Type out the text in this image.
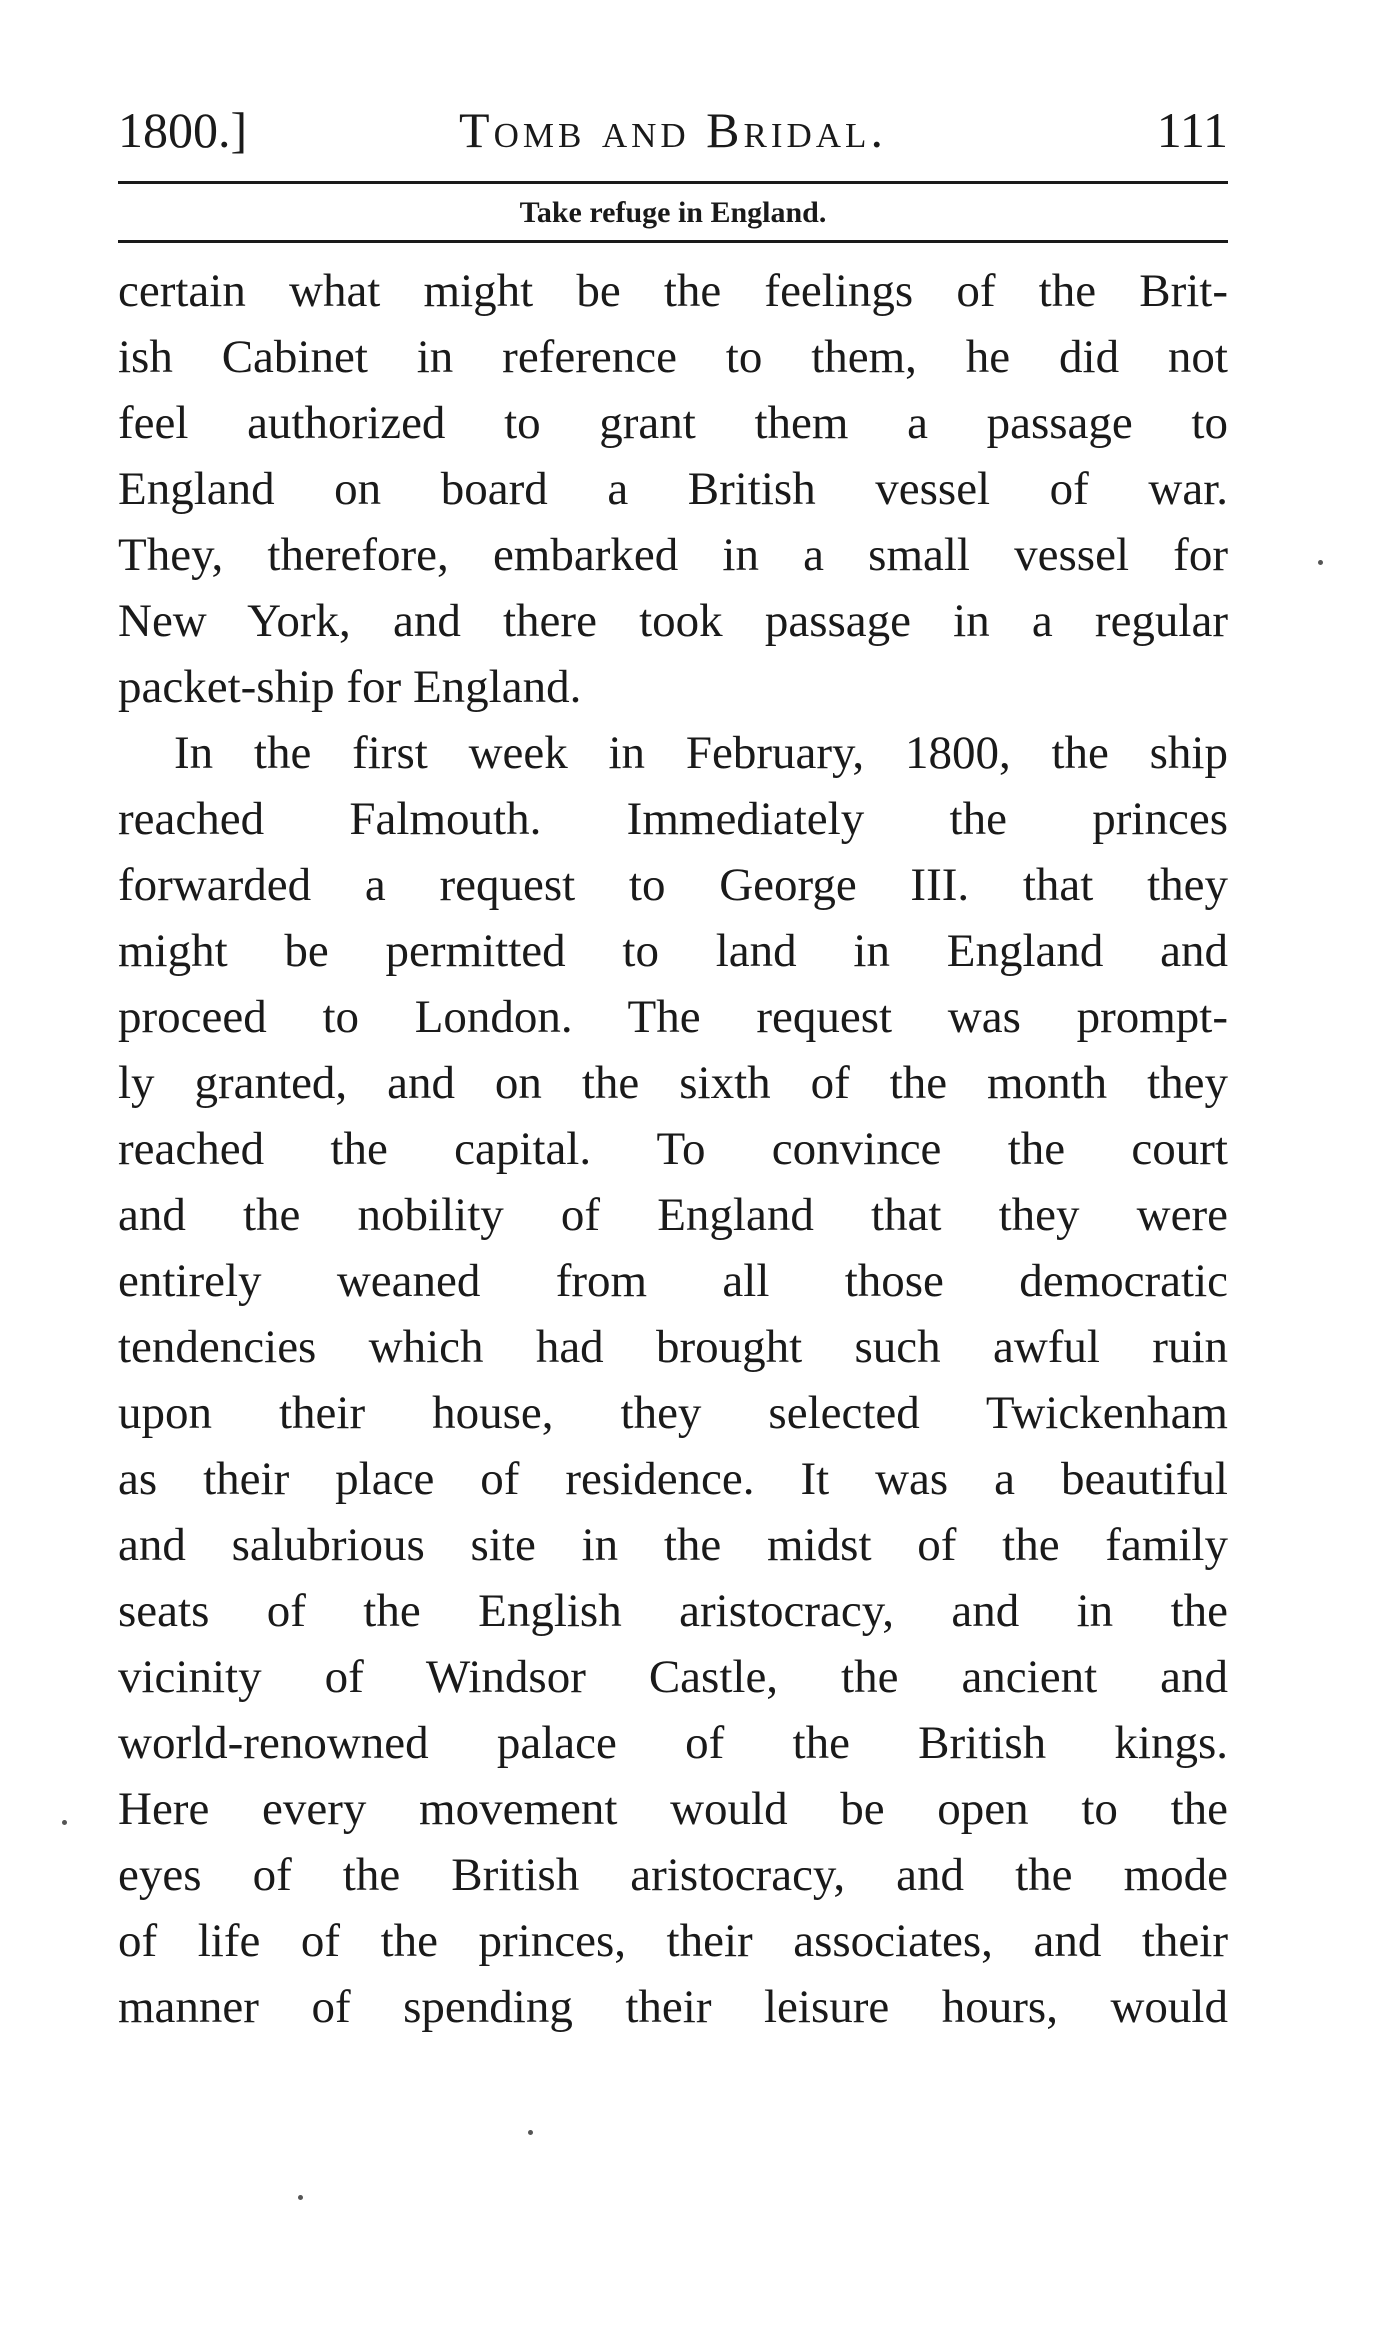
1800.]	Tomb and Bridal.	111
Take refuge in England.
certain what might be the feelings of the Brit-
ish Cabinet in reference to them, he did not
feel authorized to grant them a passage to
England on board a British vessel of war.
They, therefore, embarked in a small vessel for
New York, and there took passage in a regular
packet-ship for England.
In the first week in February, 1800, the ship
reached Falmouth. Immediately the princes
forwarded a request to George III. that they
might be permitted to land in England and
proceed to London. The request was prompt-
ly granted, and on the sixth of the month they
reached the capital. To convince the court
and the nobility of England that they were
entirely weaned from all those democratic
tendencies which had brought such awful ruin
upon their house, they selected Twickenham
as their place of residence. It was a beautiful
and salubrious site in the midst of the family
seats of the English aristocracy, and in the
vicinity of Windsor Castle, the ancient and
world-renowned palace of the British kings.
Here every movement would be open to the
eyes of the British aristocracy, and the mode
of life of the princes, their associates, and their
manner of spending their leisure hours, would
